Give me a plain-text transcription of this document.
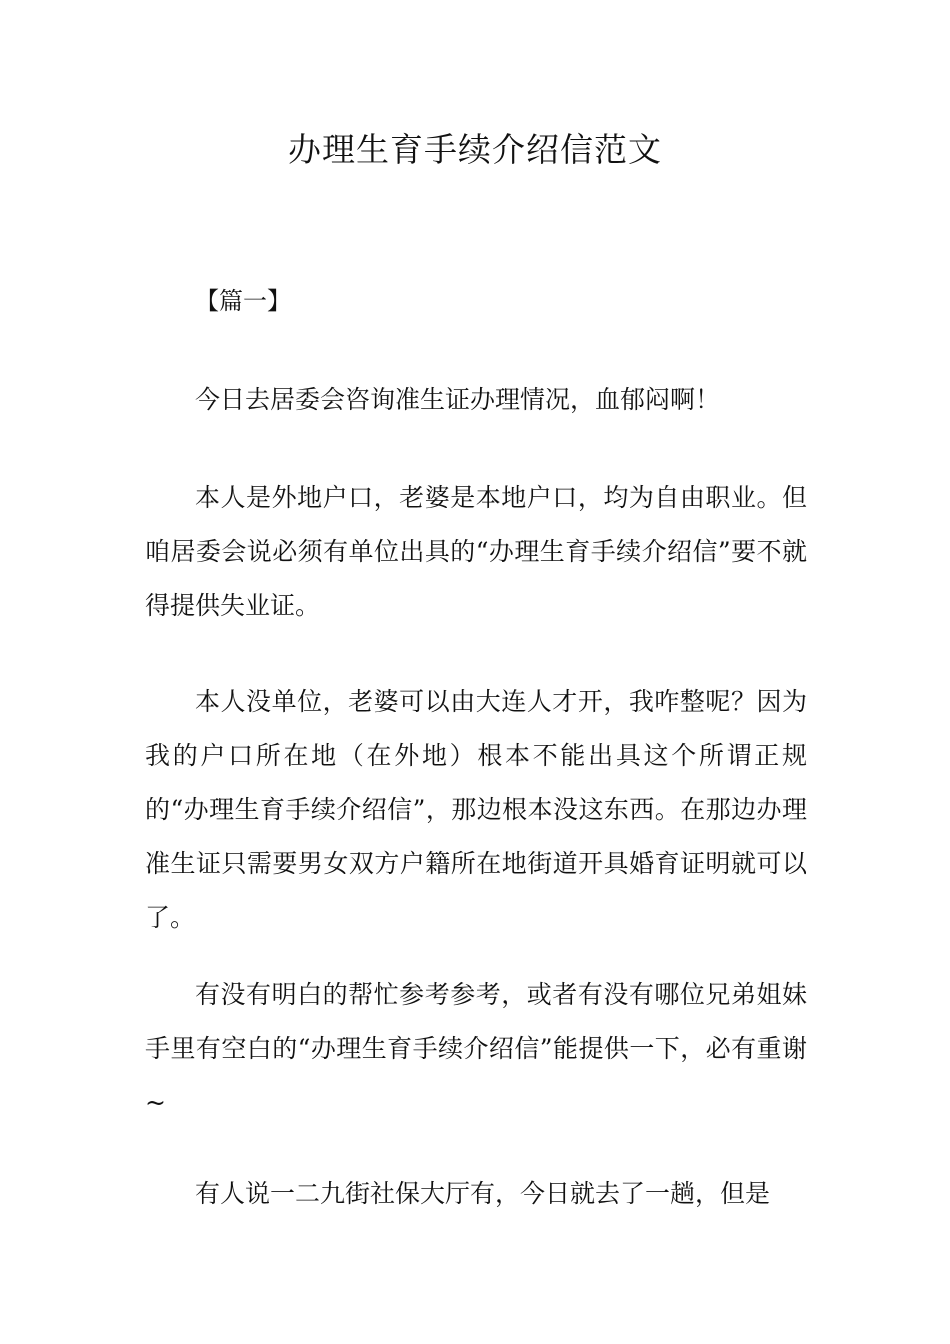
办理生育手续介绍信范文

【篇一】

今日去居委会咨询准生证办理情况，血郁闷啊！

本人是外地户口，老婆是本地户口，均为自由职业。但咱居委会说必须有单位出具的“办理生育手续介绍信”要不就得提供失业证。

本人没单位，老婆可以由大连人才开，我咋整呢？因为我的户口所在地（在外地）根本不能出具这个所谓正规的“办理生育手续介绍信”，那边根本没这东西。在那边办理准生证只需要男女双方户籍所在地街道开具婚育证明就可以了。

有没有明白的帮忙参考参考，或者有没有哪位兄弟姐妹手里有空白的“办理生育手续介绍信”能提供一下，必有重谢~

有人说一二九街社保大厅有，今日就去了一趟，但是
